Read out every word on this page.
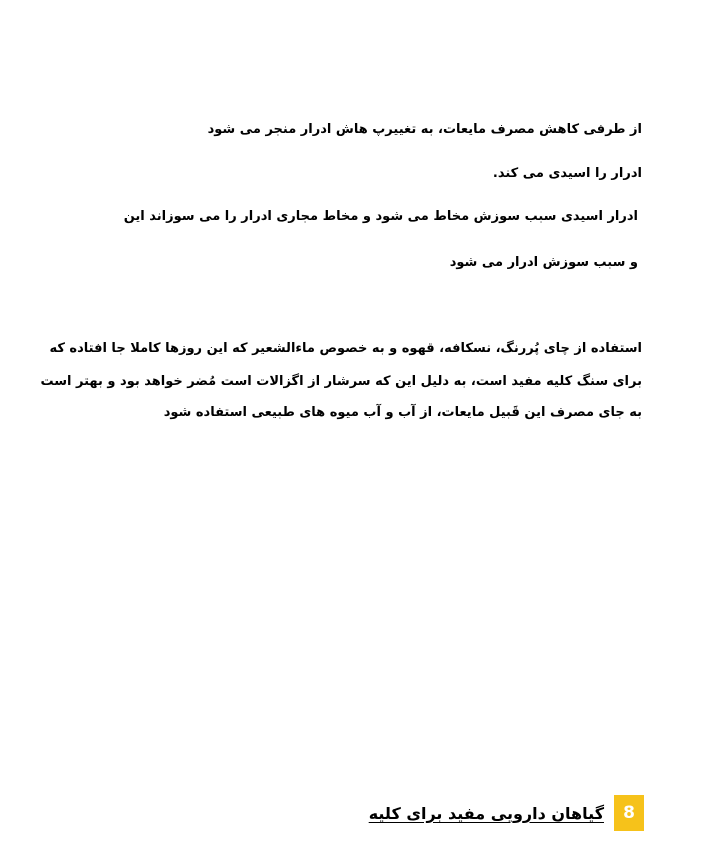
از طرفی کاهش مصرف مایعات، به تغییرپ هاش ادرار منجر می شود
ادرار را اسیدی می کند.
ادرار اسیدی سبب سوزش مخاط می شود و مخاط مجاری ادرار را می سوزاند این
و سبب سوزش ادرار می شود
استفاده از چای پُررنگ، نسکافه، قهوه و به خصوص ماءالشعیر که این روزها کاملا جا افتاده که
برای سنگ کلیه مفید است، به دلیل این که سرشار از اگزالات است مُضر خواهد بود و بهتر است
به جای مصرف این قَبیل مایعات، از آب و آب میوه های طبیعی استفاده شود
8
گیاهان دارویی مفید برای کلیه
